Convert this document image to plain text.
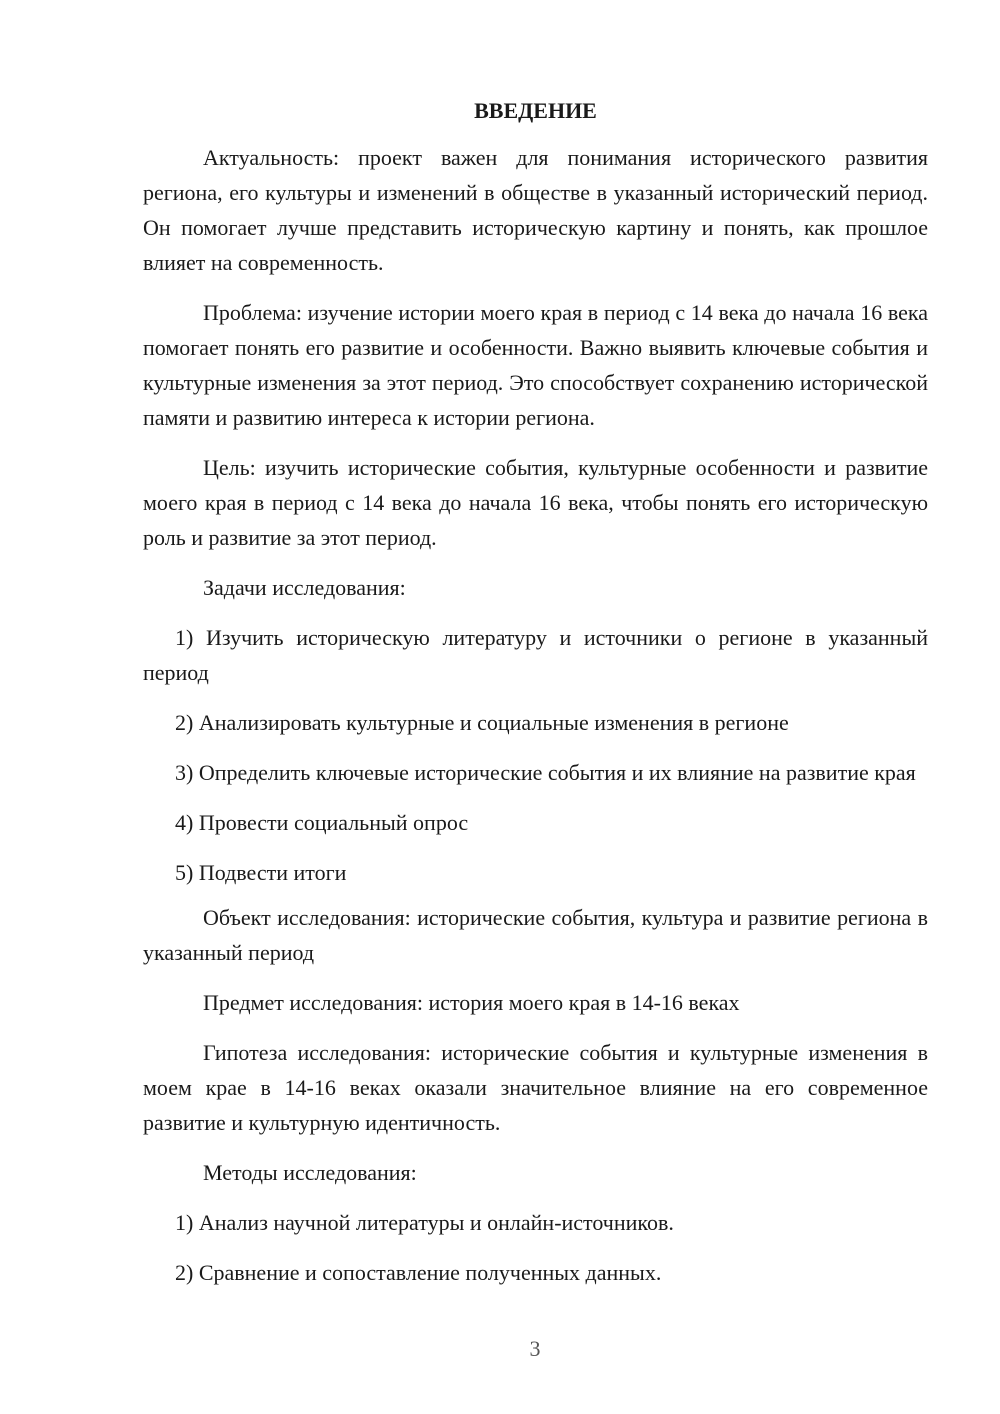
ВВЕДЕНИЕ

Актуальность: проект важен для понимания исторического развития региона, его культуры и изменений в обществе в указанный исторический период. Он помогает лучше представить историческую картину и понять, как прошлое влияет на современность.

Проблема: изучение истории моего края в период с 14 века до начала 16 века помогает понять его развитие и особенности. Важно выявить ключевые события и культурные изменения за этот период. Это способствует сохранению исторической памяти и развитию интереса к истории региона.

Цель: изучить исторические события, культурные особенности и развитие моего края в период с 14 века до начала 16 века, чтобы понять его историческую роль и развитие за этот период.

Задачи исследования:

1) Изучить историческую литературу и источники о регионе в указанный период

2) Анализировать культурные и социальные изменения в регионе

3) Определить ключевые исторические события и их влияние на развитие края

4) Провести социальный опрос

5) Подвести итоги

Объект исследования: исторические события, культура и развитие региона в указанный период

Предмет исследования: история моего края в 14-16 веках

Гипотеза исследования: исторические события и культурные изменения в моем крае в 14-16 веках оказали значительное влияние на его современное развитие и культурную идентичность.

Методы исследования:

1) Анализ научной литературы и онлайн-источников.

2) Сравнение и сопоставление полученных данных.

3
